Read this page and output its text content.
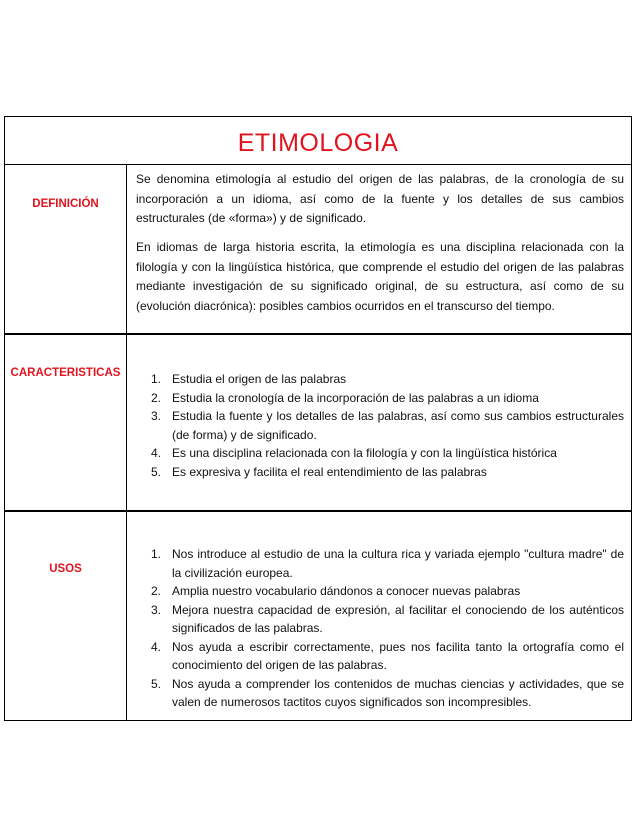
ETIMOLOGIA
DEFINICIÓN

Se denomina etimología al estudio del origen de las palabras, de la cronología de su incorporación a un idioma, así como de la fuente y los detalles de sus cambios estructurales (de «forma») y de significado.

En idiomas de larga historia escrita, la etimología es una disciplina relacionada con la filología y con la lingüística histórica, que comprende el estudio del origen de las palabras mediante investigación de su significado original, de su estructura, así como de su (evolución diacrónica): posibles cambios ocurridos en el transcurso del tiempo.

CARACTERISTICAS	1. Estudia el origen de las palabras
2. Estudia la cronología de la incorporación de las palabras a un idioma
3. Estudia la fuente y los detalles de las palabras, así como sus cambios estructurales (de forma) y de significado.
4. Es una disciplina relacionada con la filología y con la lingüística histórica
5. Es expresiva y facilita el real entendimiento de las palabras
USOS
1. Nos introduce al estudio de una la cultura rica y variada ejemplo "cultura madre" de la civilización europea.
2. Amplia nuestro vocabulario dándonos a conocer nuevas palabras
3. Mejora nuestra capacidad de expresión, al facilitar el conociendo de los auténticos significados de las palabras.
4. Nos ayuda a escribir correctamente, pues nos facilita tanto la ortografía como el conocimiento del origen de las palabras.
5. Nos ayuda a comprender los contenidos de muchas ciencias y actividades, que se valen de numerosos tactitos cuyos significados son incompresibles.
